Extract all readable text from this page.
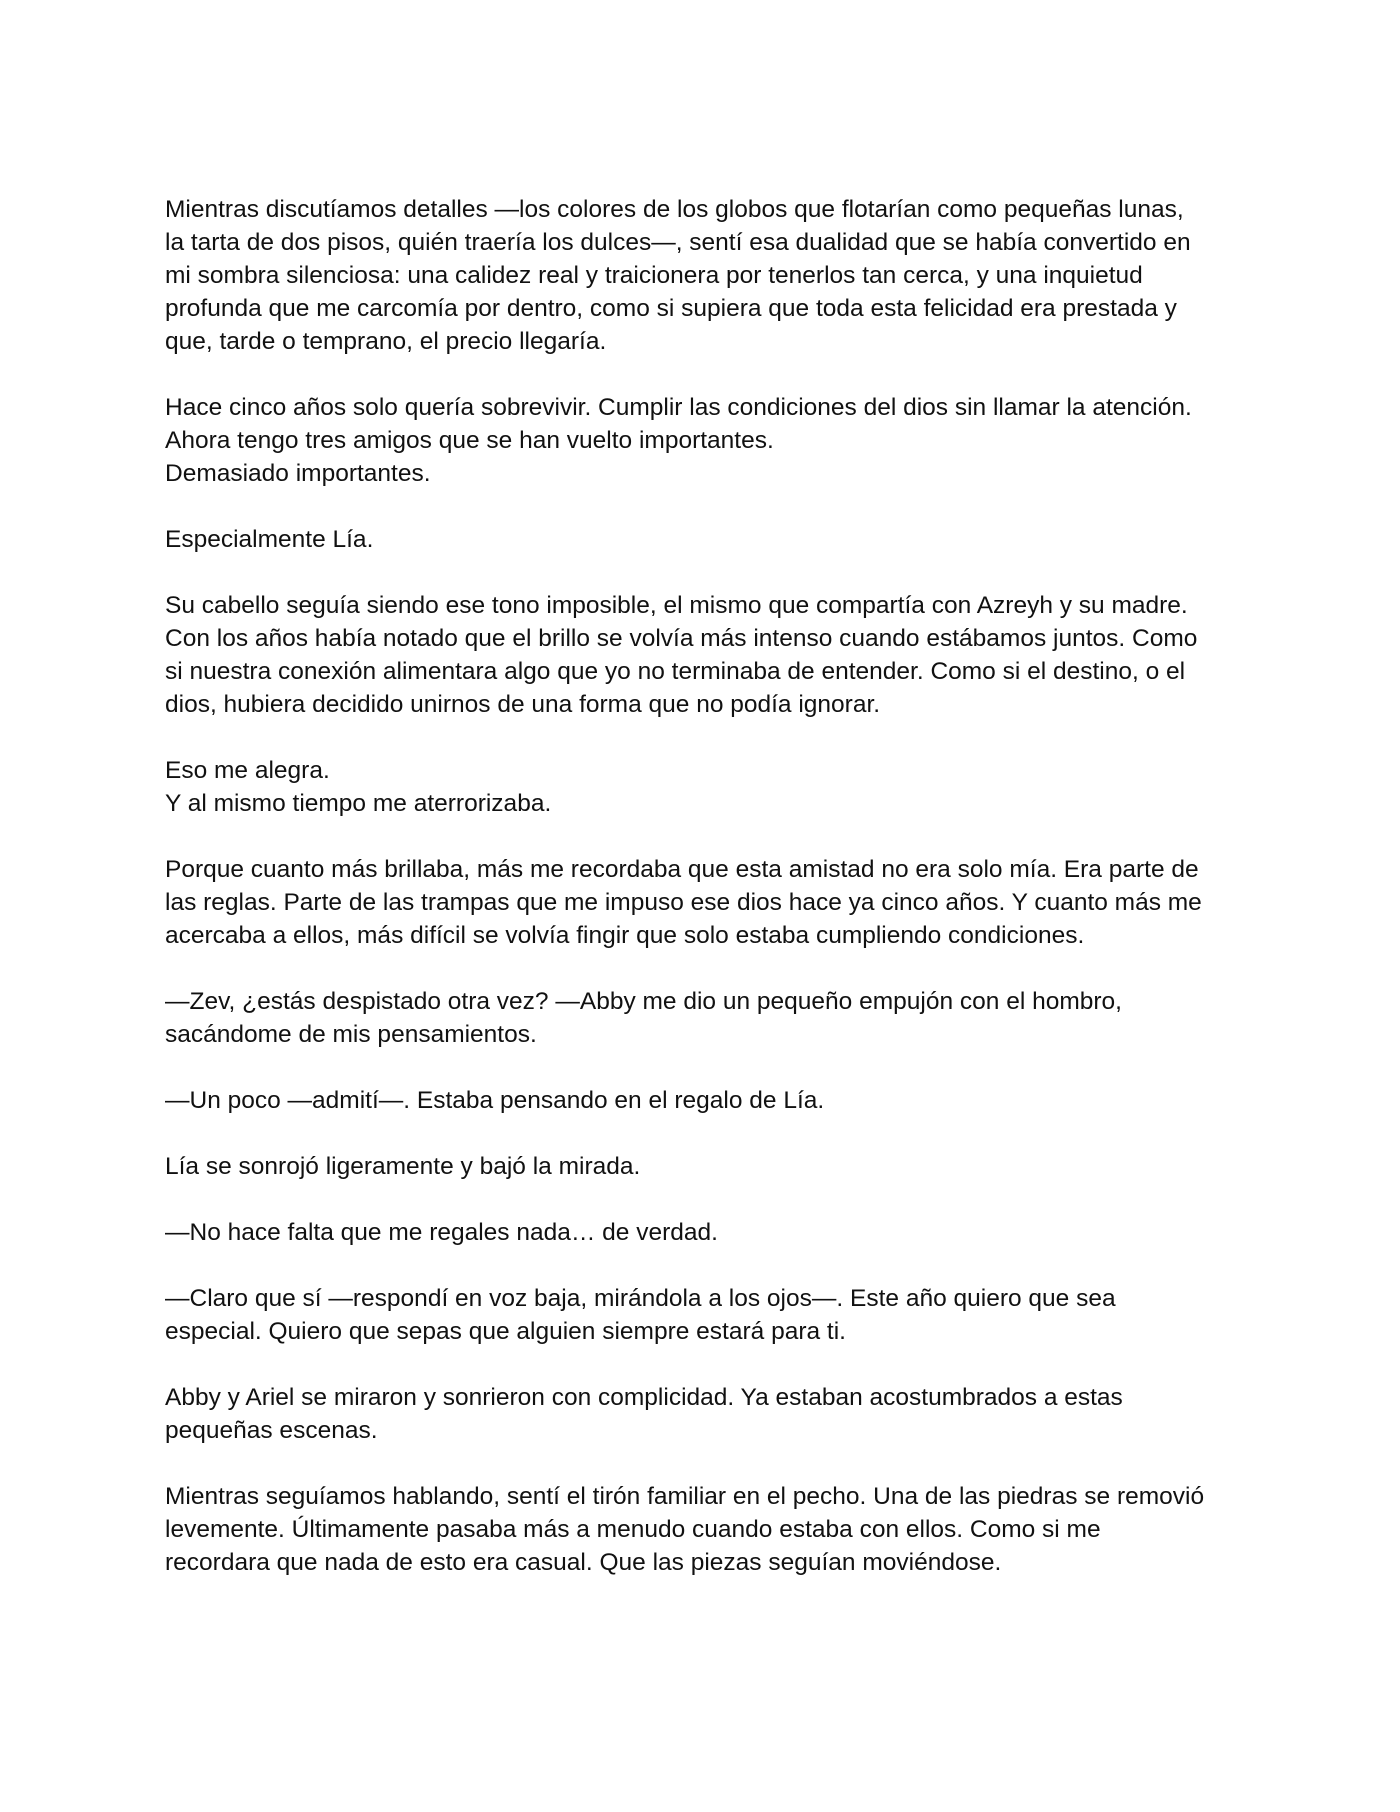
Mientras discutíamos detalles —los colores de los globos que flotarían como pequeñas lunas,
la tarta de dos pisos, quién traería los dulces—, sentí esa dualidad que se había convertido en
mi sombra silenciosa: una calidez real y traicionera por tenerlos tan cerca, y una inquietud
profunda que me carcomía por dentro, como si supiera que toda esta felicidad era prestada y
que, tarde o temprano, el precio llegaría.
Hace cinco años solo quería sobrevivir. Cumplir las condiciones del dios sin llamar la atención.
Ahora tengo tres amigos que se han vuelto importantes.
Demasiado importantes.
Especialmente Lía.
Su cabello seguía siendo ese tono imposible, el mismo que compartía con Azreyh y su madre.
Con los años había notado que el brillo se volvía más intenso cuando estábamos juntos. Como
si nuestra conexión alimentara algo que yo no terminaba de entender. Como si el destino, o el
dios, hubiera decidido unirnos de una forma que no podía ignorar.
Eso me alegra.
Y al mismo tiempo me aterrorizaba.
Porque cuanto más brillaba, más me recordaba que esta amistad no era solo mía. Era parte de
las reglas. Parte de las trampas que me impuso ese dios hace ya cinco años. Y cuanto más me
acercaba a ellos, más difícil se volvía fingir que solo estaba cumpliendo condiciones.
—Zev, ¿estás despistado otra vez? —Abby me dio un pequeño empujón con el hombro,
sacándome de mis pensamientos.
—Un poco —admití—. Estaba pensando en el regalo de Lía.
Lía se sonrojó ligeramente y bajó la mirada.
—No hace falta que me regales nada… de verdad.
—Claro que sí —respondí en voz baja, mirándola a los ojos—. Este año quiero que sea
especial. Quiero que sepas que alguien siempre estará para ti.
Abby y Ariel se miraron y sonrieron con complicidad. Ya estaban acostumbrados a estas
pequeñas escenas.
Mientras seguíamos hablando, sentí el tirón familiar en el pecho. Una de las piedras se removió
levemente. Últimamente pasaba más a menudo cuando estaba con ellos. Como si me
recordara que nada de esto era casual. Que las piezas seguían moviéndose.
